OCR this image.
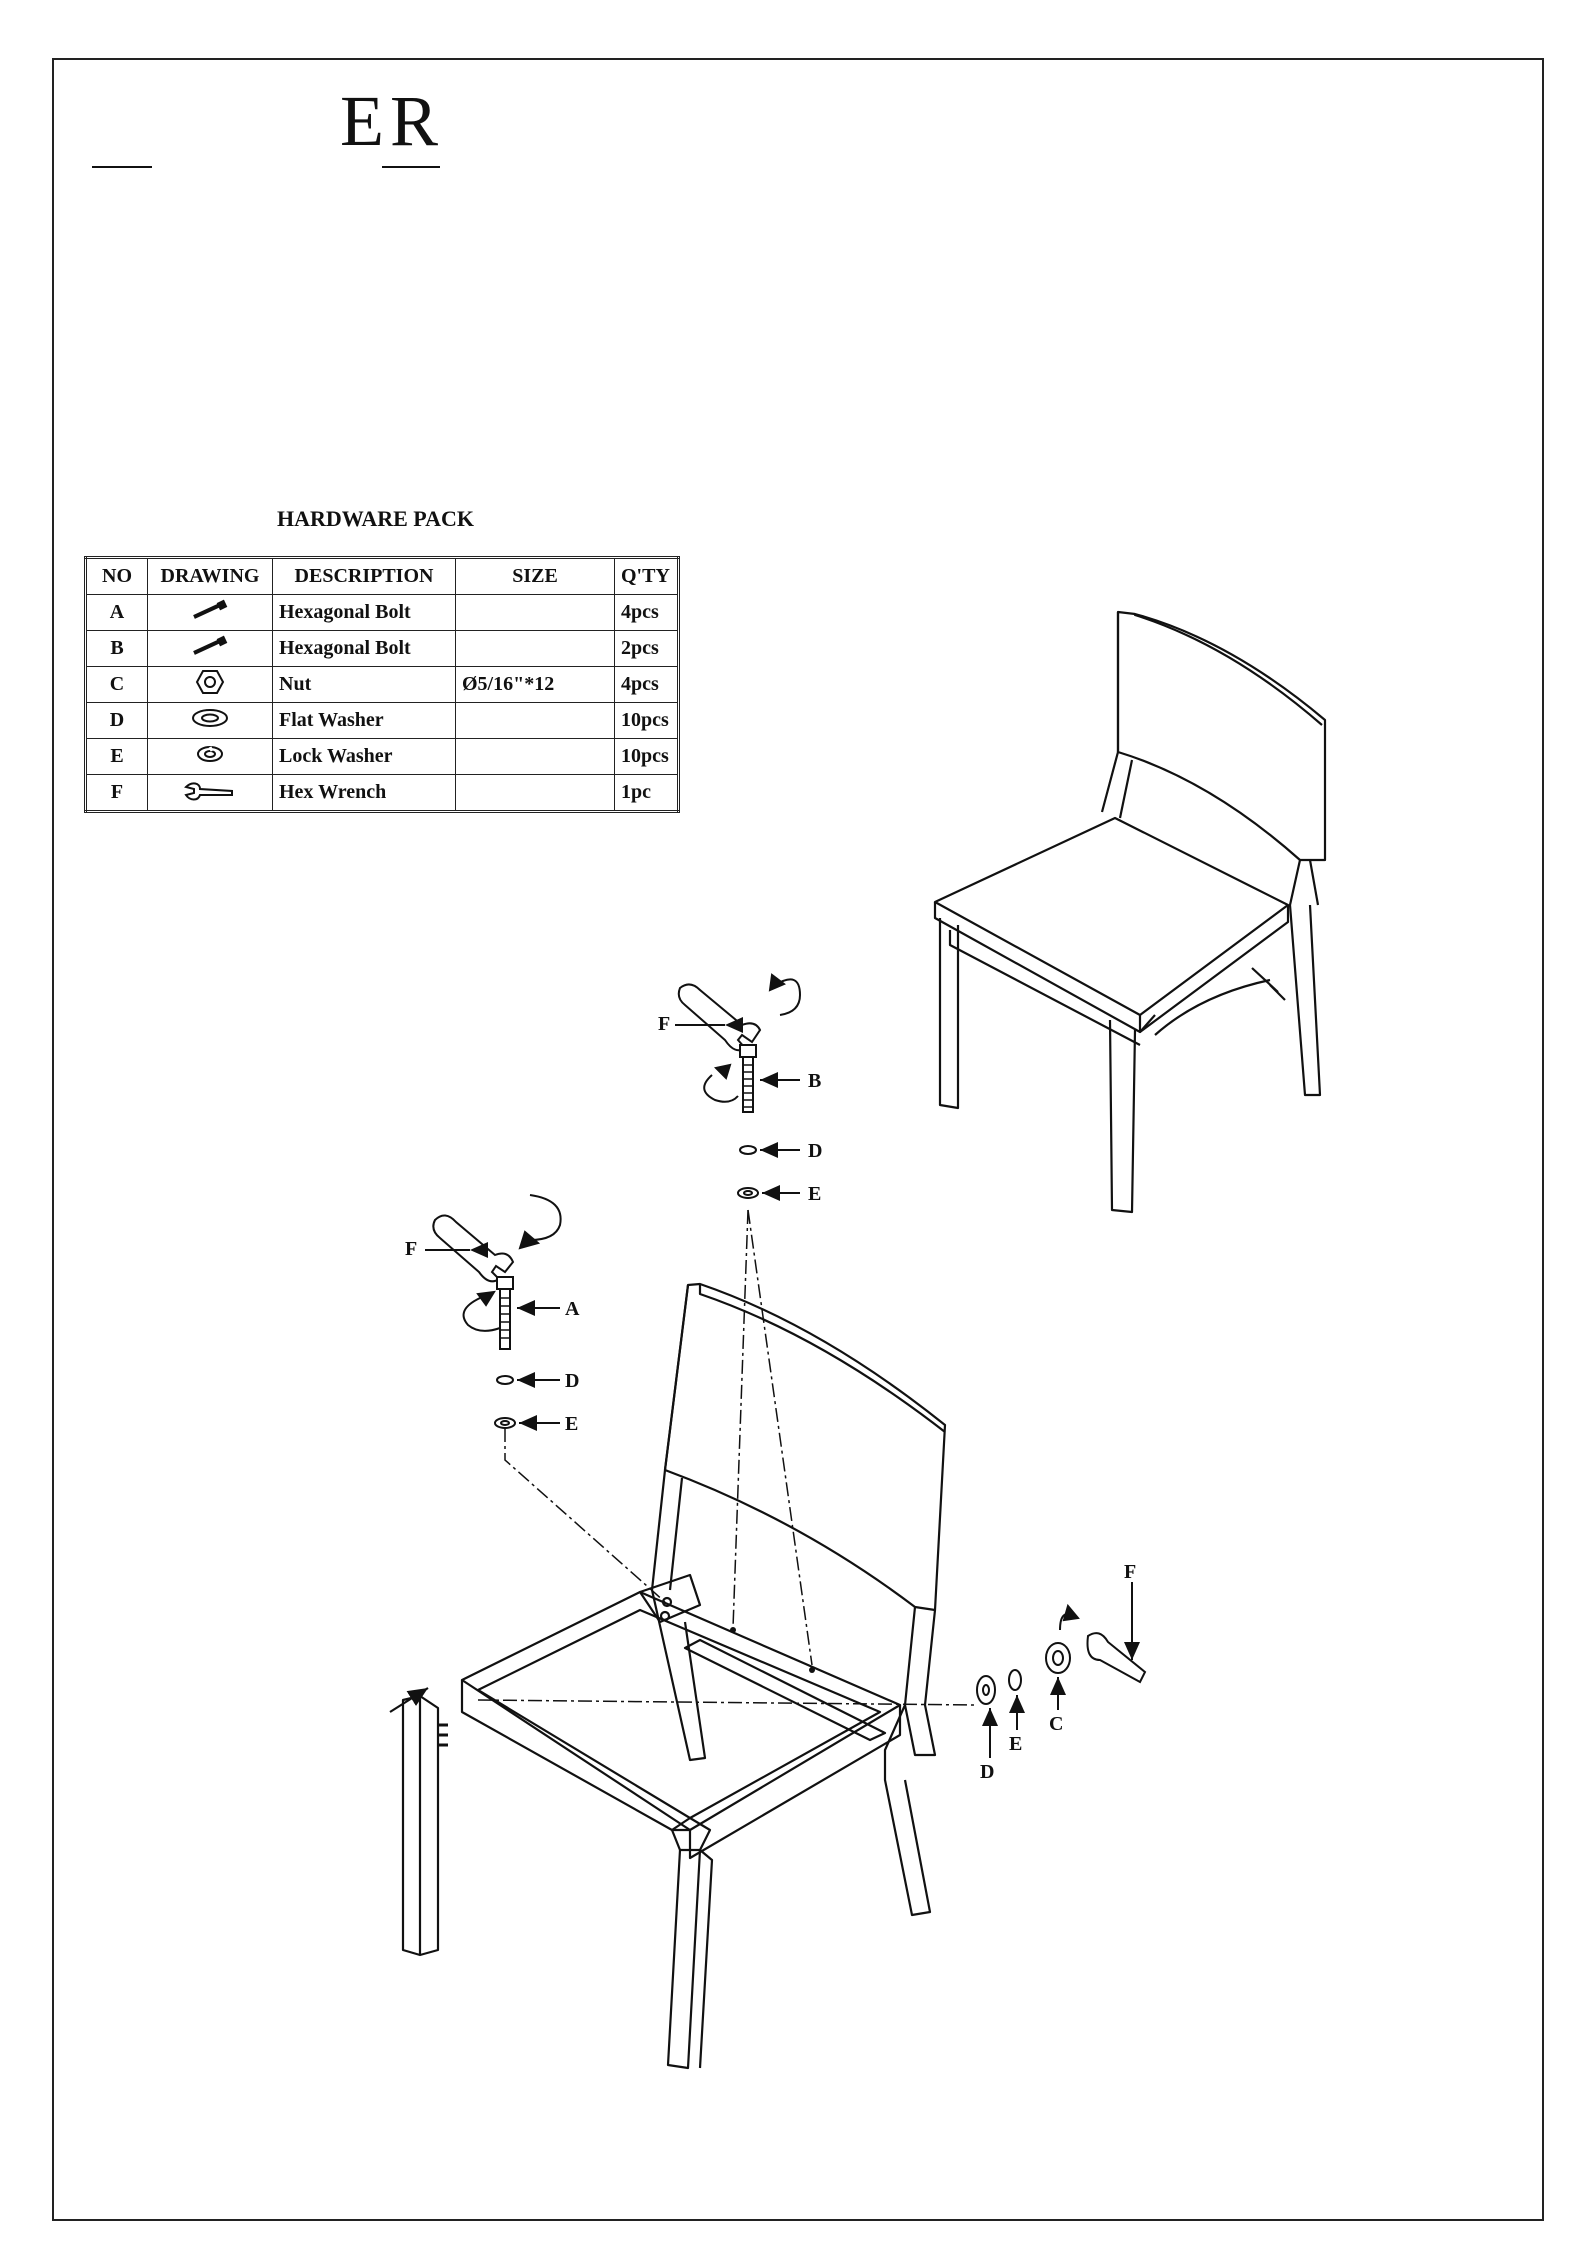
ER
HARDWARE PACK
NO	DRAWING	DESCRIPTION	SIZE	Q'TY
A		Hexagonal Bolt		4pcs
B		Hexagonal Bolt		2pcs
C		Nut	Ø5/16"*12	4pcs
D		Flat Washer		10pcs
E		Lock Washer		10pcs
F		Hex Wrench		1pc
F
B
D
E
F
A
D
E
F
D
E
C
